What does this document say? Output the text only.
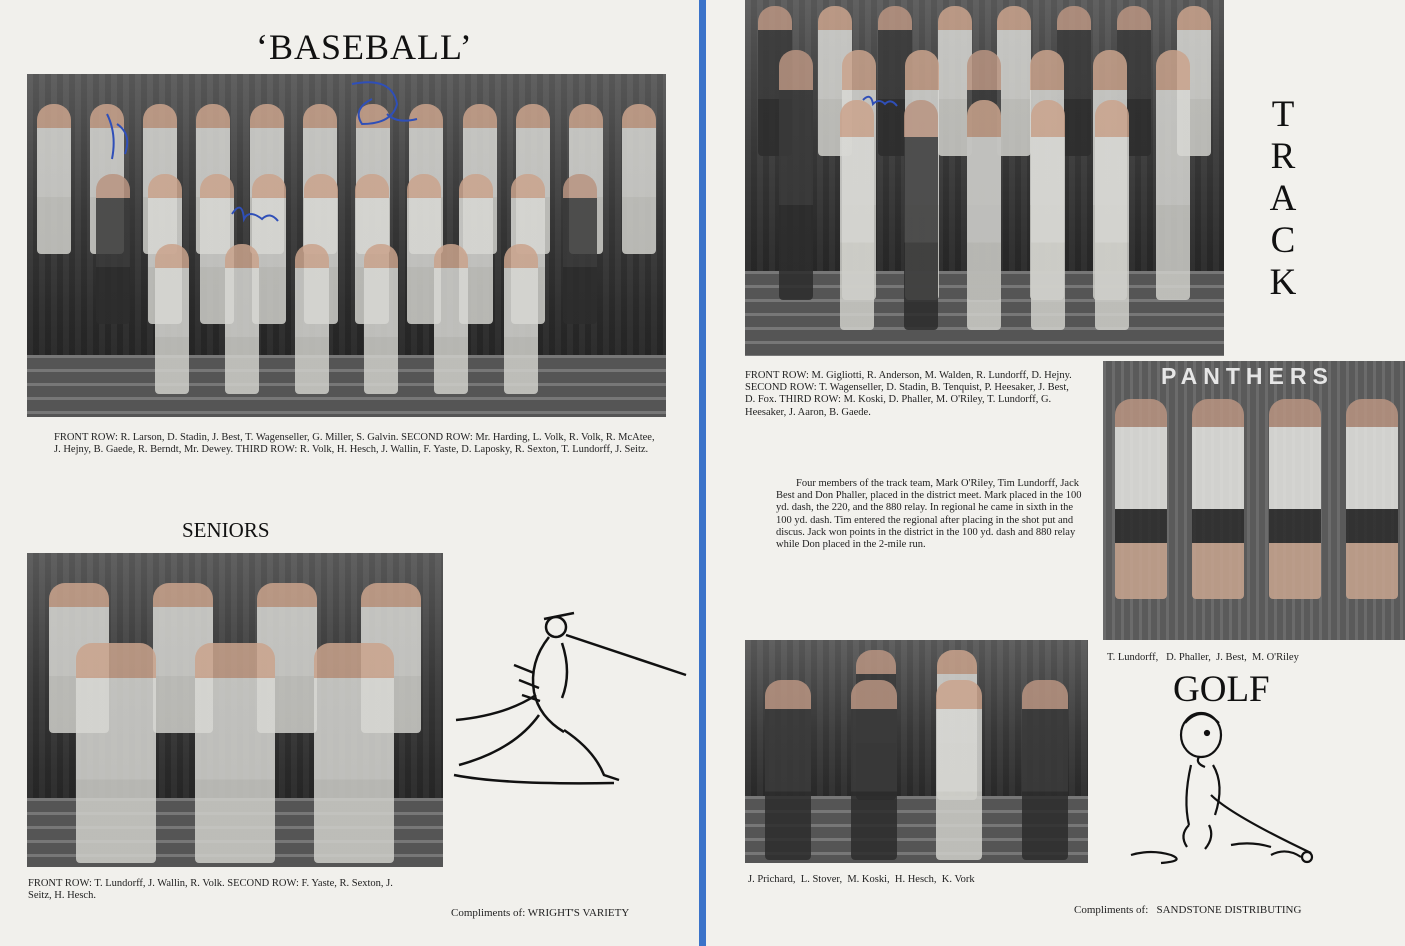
‘BASEBALL’
FRONT ROW: R. Larson, D. Stadin, J. Best, T. Wagenseller, G. Miller, S. Galvin. SECOND ROW: Mr. Harding, L. Volk, R. Volk, R. McAtee, J. Hejny, B. Gaede, R. Berndt, Mr. Dewey. THIRD ROW: R. Volk, H. Hesch, J. Wallin, F. Yaste, D. Laposky, R. Sexton, T. Lundorff, J. Seitz.
SENIORS
FRONT ROW: T. Lundorff, J. Wallin, R. Volk. SECOND ROW: F. Yaste, R. Sexton, J. Seitz, H. Hesch.
Compliments of: WRIGHT'S VARIETY
T
R
A
C
K
FRONT ROW: M. Gigliotti, R. Anderson, M. Walden, R. Lundorff, D. Hejny. SECOND ROW: T. Wagenseller, D. Stadin, B. Tenquist, P. Heesaker, J. Best, D. Fox. THIRD ROW: M. Koski, D. Phaller, M. O'Riley, T. Lundorff, G. Heesaker, J. Aaron, B. Gaede.
Four members of the track team, Mark O'Riley, Tim Lundorff, Jack Best and Don Phaller, placed in the district meet. Mark placed in the 100 yd. dash, the 220, and the 880 relay. In regional he came in sixth in the 100 yd. dash. Tim entered the regional after placing in the shot put and discus. Jack won points in the district in the 100 yd. dash and 880 relay while Don placed in the 2-mile run.
PANTHERS
T. Lundorff,   D. Phaller,  J. Best,  M. O'Riley
GOLF
J. Prichard,  L. Stover,  M. Koski,  H. Hesch,  K. Vork
Compliments of:   SANDSTONE DISTRIBUTING
